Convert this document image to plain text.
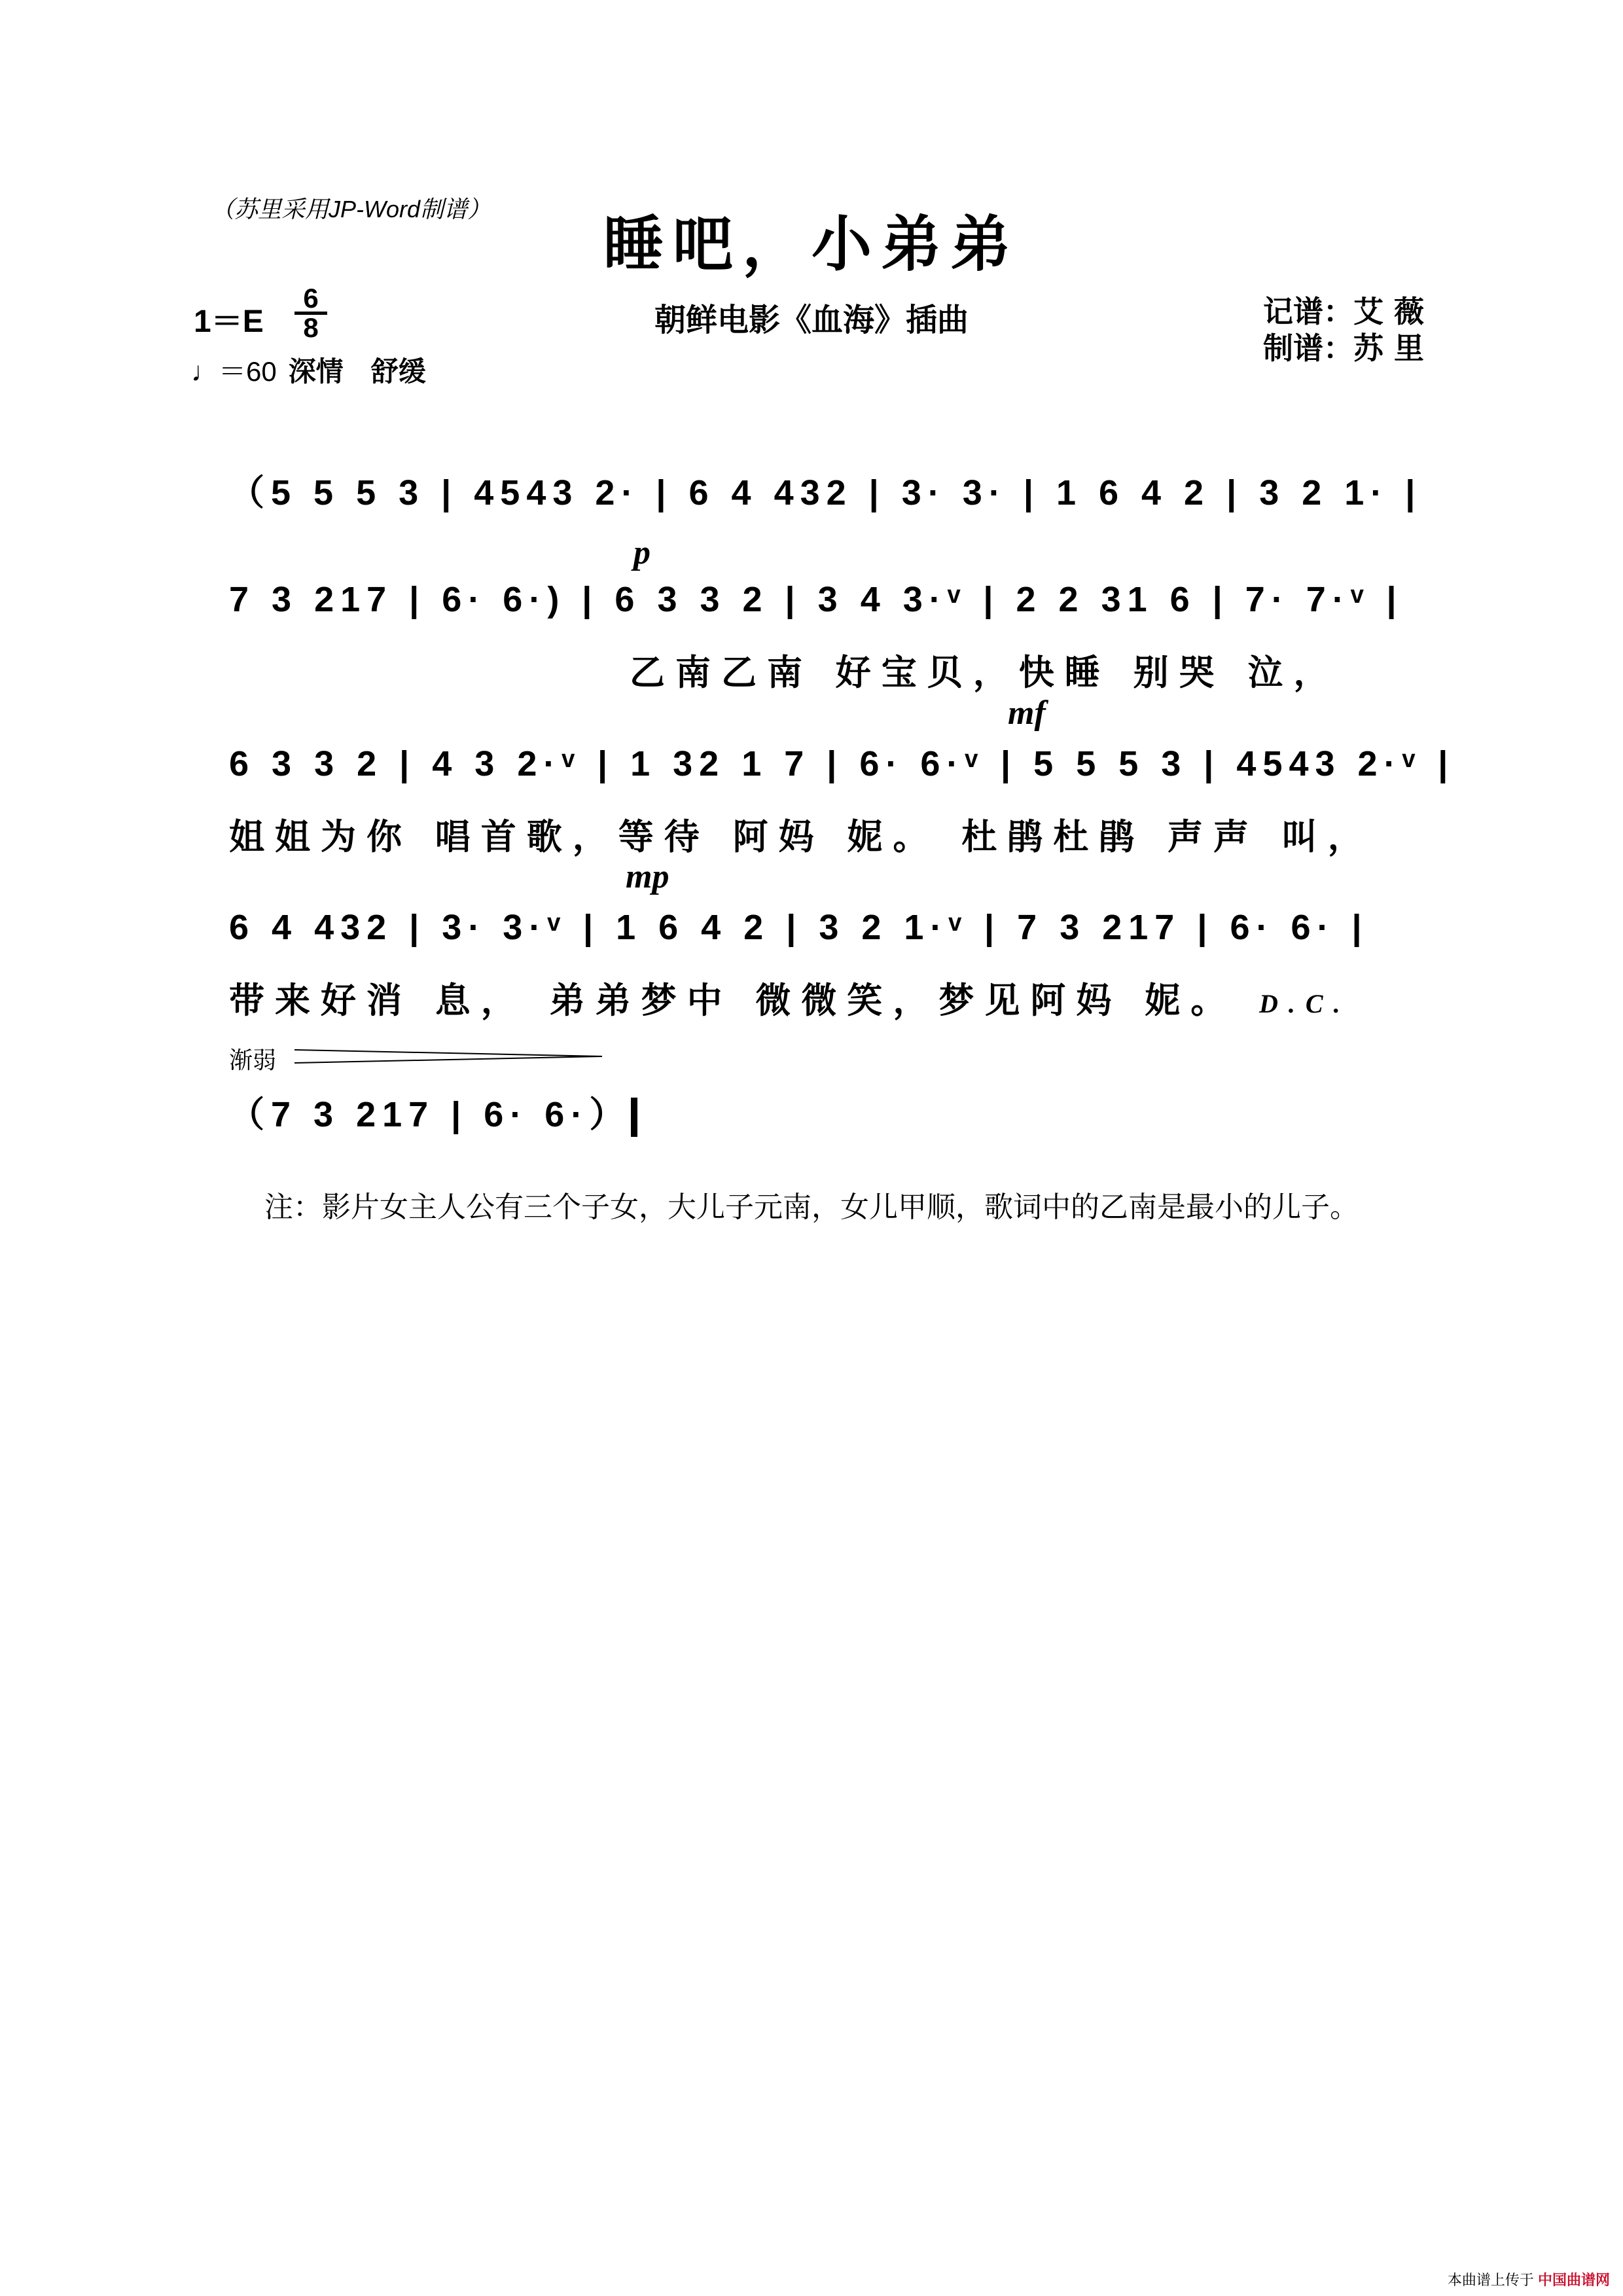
（苏里采用JP-Word制谱）	睡吧，小弟弟
1＝E
6
8
♩＝60 深情　舒缓
朝鲜电影《血海》插曲	记谱：艾 薇
制谱：苏 里
（5 5 5 3 | 4543 2· | 6 4 432 | 3· 3· | 1 6 4 2 | 3 2 1· |
p
7 3 217 | 6· 6·) | 6 3 3 2 | 3 4 3·ᵛ | 2 2 31 6 | 7· 7·ᵛ |
乙南乙南 好宝贝，快睡 别哭 泣，
mf
6 3 3 2 | 4 3 2·ᵛ | 1 32 1 7 | 6· 6·ᵛ | 5 5 5 3 | 4543 2·ᵛ |
姐姐为你 唱首歌，等待 阿妈 妮。 杜鹃杜鹃 声声 叫，
mp
6 4 432 | 3· 3·ᵛ | 1 6 4 2 | 3 2 1·ᵛ | 7 3 217 | 6· 6· |
带来好消 息， 弟弟梦中 微微笑，梦见阿妈 妮。 D.C.
渐弱
（7 3 217 | 6· 6·）
注：影片女主人公有三个子女，大儿子元南，女儿甲顺，歌词中的乙南是最小的儿子。
本曲谱上传于 中国曲谱网
